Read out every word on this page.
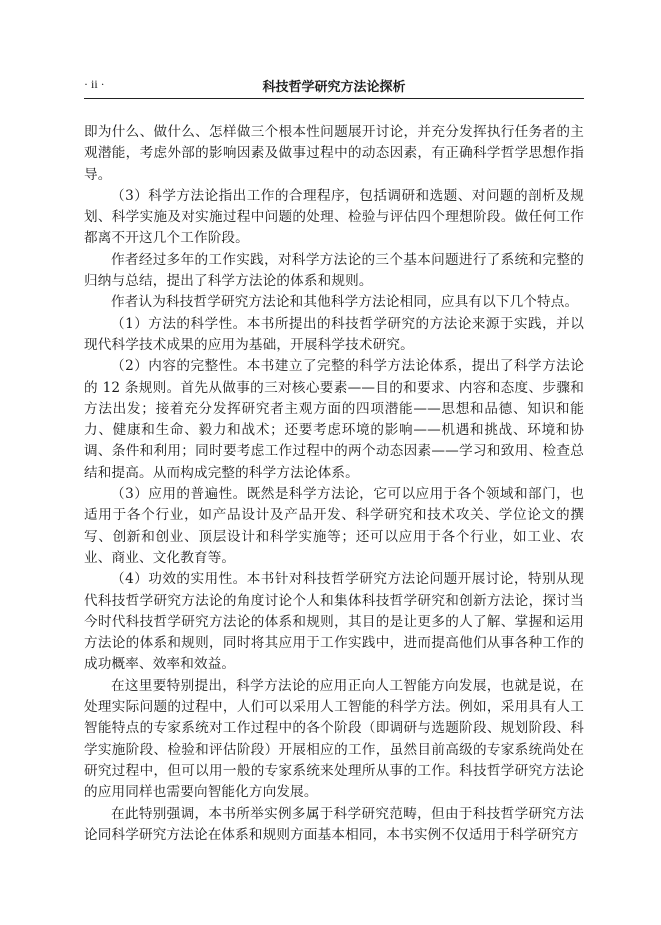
· ii ·	科技哲学研究方法论探析

即为什么、做什么、怎样做三个根本性问题展开讨论，并充分发挥执行任务者的主观潜能，考虑外部的影响因素及做事过程中的动态因素，有正确科学哲学思想作指导。

（3）科学方法论指出工作的合理程序，包括调研和选题、对问题的剖析及规划、科学实施及对实施过程中问题的处理、检验与评估四个理想阶段。做任何工作都离不开这几个工作阶段。

作者经过多年的工作实践，对科学方法论的三个基本问题进行了系统和完整的归纳与总结，提出了科学方法论的体系和规则。

作者认为科技哲学研究方法论和其他科学方法论相同，应具有以下几个特点。

（1）方法的科学性。本书所提出的科技哲学研究的方法论来源于实践，并以现代科学技术成果的应用为基础，开展科学技术研究。

（2）内容的完整性。本书建立了完整的科学方法论体系，提出了科学方法论的 12 条规则。首先从做事的三对核心要素——目的和要求、内容和态度、步骤和方法出发；接着充分发挥研究者主观方面的四项潜能——思想和品德、知识和能力、健康和生命、毅力和战术；还要考虑环境的影响——机遇和挑战、环境和协调、条件和利用；同时要考虑工作过程中的两个动态因素——学习和致用、检查总结和提高。从而构成完整的科学方法论体系。

（3）应用的普遍性。既然是科学方法论，它可以应用于各个领域和部门，也适用于各个行业，如产品设计及产品开发、科学研究和技术攻关、学位论文的撰写、创新和创业、顶层设计和科学实施等；还可以应用于各个行业，如工业、农业、商业、文化教育等。

（4）功效的实用性。本书针对科技哲学研究方法论问题开展讨论，特别从现代科技哲学研究方法论的角度讨论个人和集体科技哲学研究和创新方法论，探讨当今时代科技哲学研究方法论的体系和规则，其目的是让更多的人了解、掌握和运用方法论的体系和规则，同时将其应用于工作实践中，进而提高他们从事各种工作的成功概率、效率和效益。

在这里要特别提出，科学方法论的应用正向人工智能方向发展，也就是说，在处理实际问题的过程中，人们可以采用人工智能的科学方法。例如，采用具有人工智能特点的专家系统对工作过程中的各个阶段（即调研与选题阶段、规划阶段、科学实施阶段、检验和评估阶段）开展相应的工作，虽然目前高级的专家系统尚处在研究过程中，但可以用一般的专家系统来处理所从事的工作。科技哲学研究方法论的应用同样也需要向智能化方向发展。

在此特别强调，本书所举实例多属于科学研究范畴，但由于科技哲学研究方法论同科学研究方法论在体系和规则方面基本相同，本书实例不仅适用于科学研究方
